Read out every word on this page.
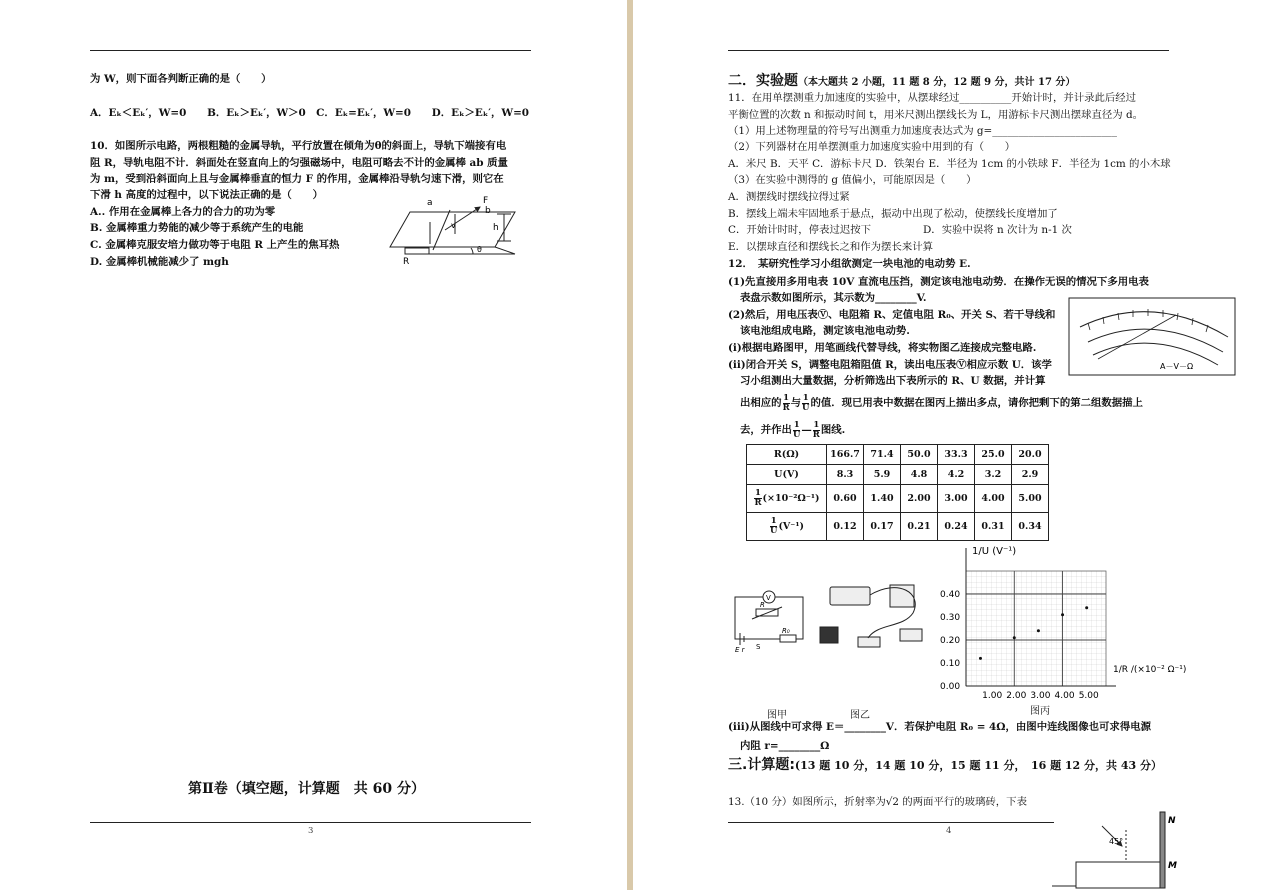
为 W，则下面各判断正确的是（　　）
A．Eₖ＜Eₖ′，W=0　　B．Eₖ＞Eₖ′，W＞0　C．Eₖ=Eₖ′，W=0　　D．Eₖ＞Eₖ′，W=0
10．如图所示电路，两根粗糙的金属导轨，平行放置在倾角为θ的斜面上，导轨下端接有电
阻 R，导轨电阻不计．斜面处在竖直向上的匀强磁场中，电阻可略去不计的金属棒 ab 质量
为 m，受到沿斜面向上且与金属棒垂直的恒力 F 的作用，金属棒沿导轨匀速下滑，则它在
下滑 h 高度的过程中，以下说法正确的是（　　）
A.. 作用在金属棒上各力的合力的功为零
B. 金属棒重力势能的减少等于系统产生的电能
C. 金属棒克服安培力做功等于电阻 R 上产生的焦耳热
D. 金属棒机械能减少了 mgh
a
b
F
h
R
θ
v
第Ⅱ卷（填空题，计算题　共 60 分）
3
二．实验题（本大题共 2 小题，11 题 8 分，12 题 9 分，共计 17 分）
11．在用单摆测重力加速度的实验中，从摆球经过__________开始计时，并计录此后经过
平衡位置的次数 n 和振动时间 t，用米尺测出摆线长为 L，用游标卡尺测出摆球直径为 d。
（1）用上述物理量的符号写出测重力加速度表达式为 g=________________________
（2）下列器材在用单摆测重力加速度实验中用到的有（　　）
A．米尺 B．天平 C．游标卡尺 D．铁架台 E．半径为 1cm 的小铁球 F．半径为 1cm 的小木球
（3）在实验中测得的 g 值偏小，可能原因是（　　）
A．测摆线时摆线拉得过紧
B．摆线上端未牢固地系于悬点，振动中出现了松动，使摆线长度增加了
C．开始计时时，停表过迟按下　　　　　D．实验中误将 n 次计为 n-1 次
E．以摆球直径和摆线长之和作为摆长来计算
12．　某研究性学习小组欲测定一块电池的电动势 E.
(1)先直接用多用电表 10V 直流电压挡，测定该电池电动势．在操作无误的情况下多用电表
表盘示数如图所示，其示数为________V.
(2)然后，用电压表Ⓥ、电阻箱 R、定值电阻 R₀、开关 S、若干导线和
该电池组成电路，测定该电池电动势.
(i)根据电路图甲，用笔画线代替导线，将实物图乙连接成完整电路.
(ii)闭合开关 S，调整电阻箱阻值 R，读出电压表Ⓥ相应示数 U．该学
习小组测出大量数据，分析筛选出下表所示的 R、U 数据，并计算
出相应的 $\frac{1}{R}$ 与 $\frac{1}{U}$ 的值．现已用表中数据在图丙上描出多点，请你把剩下的第二组数据描上
去，并作出 $\frac{1}{U}$ — $\frac{1}{R}$ 图线.
A－V－Ω
R(Ω)	166.7	71.4	50.0	33.3	25.0	20.0
U(V)	8.3	5.9	4.8	4.2	3.2	2.9

$\frac{1}{R} (\times 10^{-2}\Omega^{-1})$	0.60	1.40	2.00	3.00	4.00	5.00

$\frac{1}{U} (V^{-1})$	0.12	0.17	0.21	0.24	0.31	0.34
V
R
R₀
E r S
1.00 2.00 3.00 4.00 5.00
0.00
0.10
0.20
0.30
0.40
1/U (V⁻¹)
1/R /(×10⁻² Ω⁻¹)
图甲	图乙	图丙
(iii)从图线中可求得 E＝________V．若保护电阻 R₀ = 4Ω，由图中连线图像也可求得电源
内阻 r=________Ω
三.计算题:(13 题 10 分，14 题 10 分，15 题 11 分，　16 题 12 分，共 43 分）
13.（10 分）如图所示，折射率为√2 的两面平行的玻璃砖，下表
4
N
M
45°
